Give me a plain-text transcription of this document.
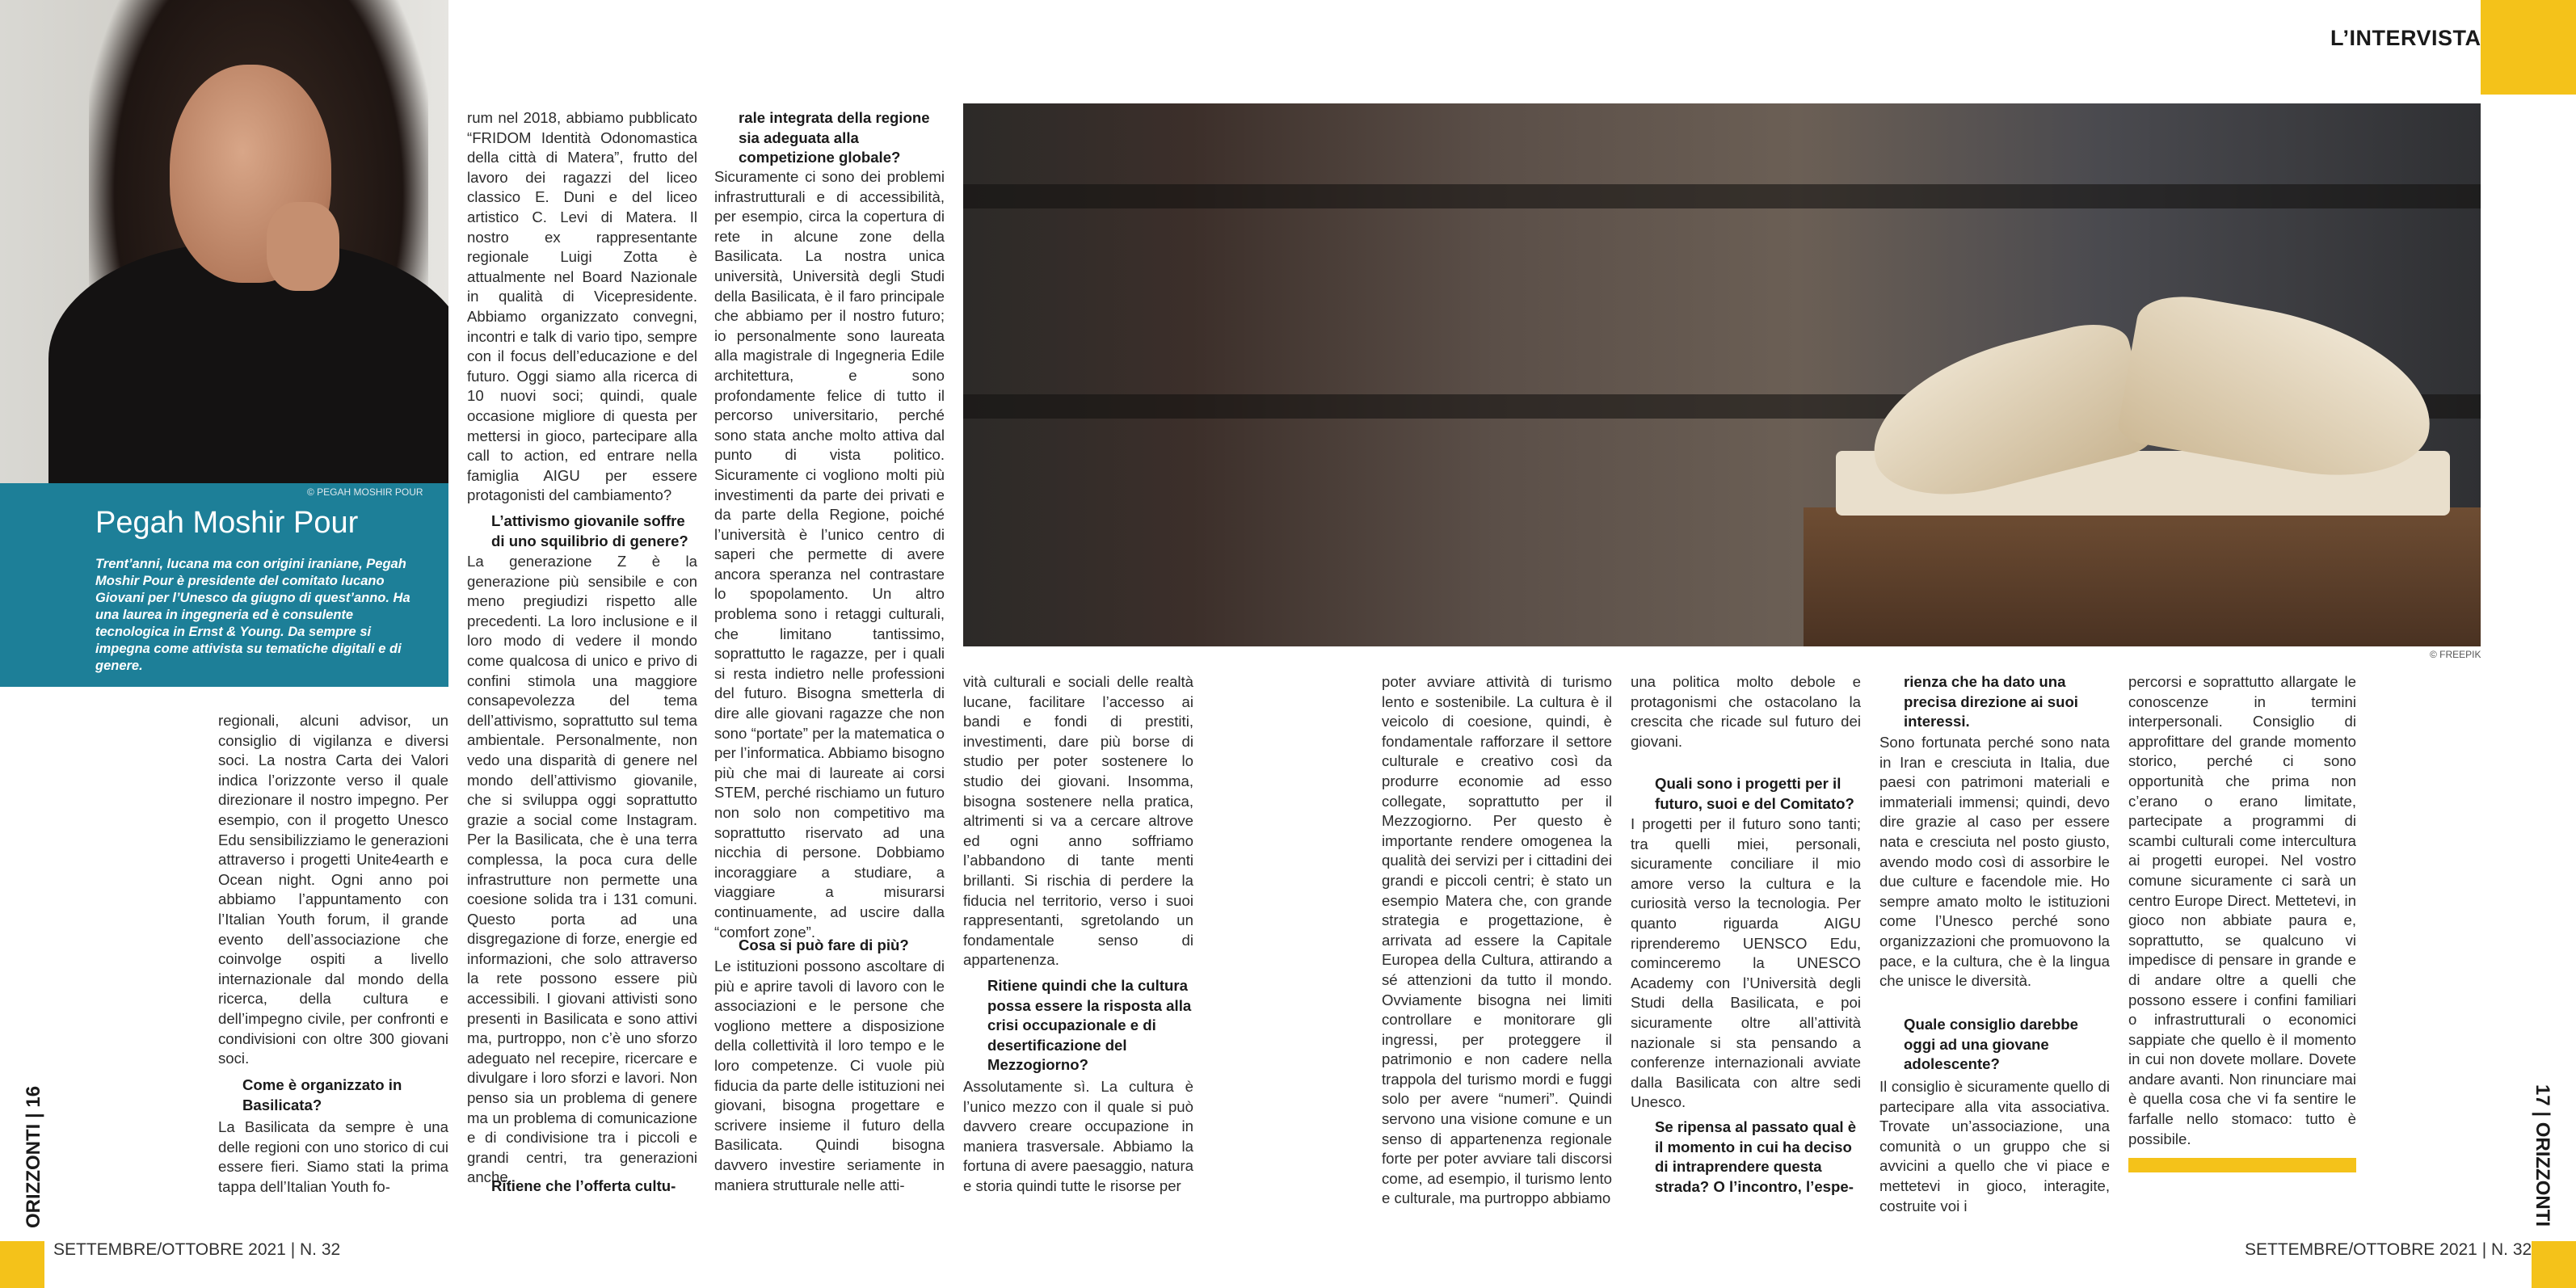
L’INTERVISTA
© PEGAH MOSHIR POUR
Pegah Moshir Pour
Trent’anni, lucana ma con origini iraniane, Pegah Moshir Pour è presidente del comitato lucano Giovani per l’Unesco da giugno di quest’anno. Ha una laurea in ingegneria ed è consulente tecnologica in Ernst & Young. Da sempre si impegna come attivista su tematiche digitali e di genere.
© FREEPIK
regionali, alcuni advisor, un consiglio di vigilanza e diversi soci. La nostra Carta dei Valori indica l’orizzonte verso il quale direzionare il nostro impegno. Per esempio, con il progetto Unesco Edu sensibilizziamo le generazioni attraverso i progetti Unite4earth e Ocean night. Ogni anno poi abbiamo l’appuntamento con l’Italian Youth forum, il grande evento dell’associazione che coinvolge ospiti a livello internazionale dal mondo della ricerca, della cultura e dell’impegno civile, per confronti e condivisioni con oltre 300 giovani soci.
Come è organizzato in Basilicata?
La Basilicata da sempre è una delle regioni con uno storico di cui essere fieri. Siamo stati la prima tappa dell’Italian Youth fo-
rum nel 2018, abbiamo pubblicato “FRIDOM Identità Odonomastica della città di Matera”, frutto del lavoro dei ragazzi del liceo classico E. Duni e del liceo artistico C. Levi di Matera. Il nostro ex rappresentante regionale Luigi Zotta è attualmente nel Board Nazionale in qualità di Vicepresidente. Abbiamo organizzato convegni, incontri e talk di vario tipo, sempre con il focus dell’educazione e del futuro. Oggi siamo alla ricerca di 10 nuovi soci; quindi, quale occasione migliore di questa per mettersi in gioco, partecipare alla call to action, ed entrare nella famiglia AIGU per essere protagonisti del cambiamento?
L’attivismo giovanile soffre di uno squilibrio di genere?
La generazione Z è la generazione più sensibile e con meno pregiudizi rispetto alle precedenti. La loro inclusione e il loro modo di vedere il mondo come qualcosa di unico e privo di confini stimola una maggiore consapevolezza del tema dell’attivismo, soprattutto sul tema ambientale. Personalmente, non vedo una disparità di genere nel mondo dell’attivismo giovanile, che si sviluppa oggi soprattutto grazie a social come Instagram. Per la Basilicata, che è una terra complessa, la poca cura delle infrastrutture non permette una coesione solida tra i 131 comuni. Questo porta ad una disgregazione di forze, energie ed informazioni, che solo attraverso la rete possono essere più accessibili. I giovani attivisti sono presenti in Basilicata e sono attivi ma, purtroppo, non c’è uno sforzo adeguato nel recepire, ricercare e divulgare i loro sforzi e lavori. Non penso sia un problema di genere ma un problema di comunicazione e di condivisione tra i piccoli e grandi centri, tra generazioni anche.
Ritiene che l’offerta cultu-
rale integrata della regione sia adeguata alla competizione globale?
Sicuramente ci sono dei problemi infrastrutturali e di accessibilità, per esempio, circa la copertura di rete in alcune zone della Basilicata. La nostra unica università, Università degli Studi della Basilicata, è il faro principale che abbiamo per il nostro futuro; io personalmente sono laureata alla magistrale di Ingegneria Edile architettura, e sono profondamente felice di tutto il percorso universitario, perché sono stata anche molto attiva dal punto di vista politico. Sicuramente ci vogliono molti più investimenti da parte dei privati e da parte della Regione, poiché l’università è l’unico centro di saperi che permette di avere ancora speranza nel contrastare lo spopolamento. Un altro problema sono i retaggi culturali, che limitano tantissimo, soprattutto le ragazze, per i quali si resta indietro nelle professioni del futuro. Bisogna smetterla di dire alle giovani ragazze che non sono “portate” per la matematica o per l’informatica. Abbiamo bisogno più che mai di laureate ai corsi STEM, perché rischiamo un futuro non solo non competitivo ma soprattutto riservato ad una nicchia di persone. Dobbiamo incoraggiare a studiare, a viaggiare a misurarsi continuamente, ad uscire dalla “comfort zone”.
Cosa si può fare di più?
Le istituzioni possono ascoltare di più e aprire tavoli di lavoro con le associazioni e le persone che vogliono mettere a disposizione della collettività il loro tempo e le loro competenze. Ci vuole più fiducia da parte delle istituzioni nei giovani, bisogna progettare e scrivere insieme il futuro della Basilicata. Quindi bisogna davvero investire seriamente in maniera strutturale nelle atti-
vità culturali e sociali delle realtà lucane, facilitare l’accesso ai bandi e fondi di prestiti, investimenti, dare più borse di studio per poter sostenere lo studio dei giovani. Insomma, bisogna sostenere nella pratica, altrimenti si va a cercare altrove ed ogni anno soffriamo l’abbandono di tante menti brillanti. Si rischia di perdere la fiducia nel territorio, verso i suoi rappresentanti, sgretolando un fondamentale senso di appartenenza.
Ritiene quindi che la cultura possa essere la risposta alla crisi occupazionale e di desertificazione del Mezzogiorno?
Assolutamente sì. La cultura è l’unico mezzo con il quale si può davvero creare occupazione in maniera trasversale. Abbiamo la fortuna di avere paesaggio, natura e storia quindi tutte le risorse per
poter avviare attività di turismo lento e sostenibile. La cultura è il veicolo di coesione, quindi, è fondamentale rafforzare il settore culturale e creativo così da produrre economie ad esso collegate, soprattutto per il Mezzogiorno. Per questo è importante rendere omogenea la qualità dei servizi per i cittadini dei grandi e piccoli centri; è stato un esempio Matera che, con grande strategia e progettazione, è arrivata ad essere la Capitale Europea della Cultura, attirando a sé attenzioni da tutto il mondo. Ovviamente bisogna nei limiti controllare e monitorare gli ingressi, per proteggere il patrimonio e non cadere nella trappola del turismo mordi e fuggi solo per avere “numeri”. Quindi servono una visione comune e un senso di appartenenza regionale forte per poter avviare tali discorsi come, ad esempio, il turismo lento e culturale, ma purtroppo abbiamo
una politica molto debole e protagonismi che ostacolano la crescita che ricade sul futuro dei giovani.
Quali sono i progetti per il futuro, suoi e del Comitato?
I progetti per il futuro sono tanti; tra quelli miei, personali, sicuramente conciliare il mio amore verso la cultura e la curiosità verso la tecnologia. Per quanto riguarda AIGU riprenderemo UENSCO Edu, cominceremo la UNESCO Academy con l’Università degli Studi della Basilicata, e poi sicuramente oltre all’attività nazionale si sta pensando a conferenze internazionali avviate dalla Basilicata con altre sedi Unesco.
Se ripensa al passato qual è il momento in cui ha deciso di intraprendere questa strada? O l’incontro, l’espe-
rienza che ha dato una precisa direzione ai suoi interessi.
Sono fortunata perché sono nata in Iran e cresciuta in Italia, due paesi con patrimoni materiali e immateriali immensi; quindi, devo dire grazie al caso per essere nata e cresciuta nel posto giusto, avendo modo così di assorbire le due culture e facendole mie. Ho sempre amato molto le istituzioni come l’Unesco perché sono organizzazioni che promuovono la pace, e la cultura, che è la lingua che unisce le diversità.
Quale consiglio darebbe oggi ad una giovane adolescente?
Il consiglio è sicuramente quello di partecipare alla vita associativa. Trovate un’associazione, una comunità o un gruppo che si avvicini a quello che vi piace e mettetevi in gioco, interagite, costruite voi i
percorsi e soprattutto allargate le conoscenze in termini interpersonali. Consiglio di approfittare del grande momento storico, perché ci sono opportunità che prima non c’erano o erano limitate, partecipate a programmi di scambi culturali come intercultura ai progetti europei. Nel vostro comune sicuramente ci sarà un centro Europe Direct. Mettetevi, in gioco non abbiate paura e, soprattutto, se qualcuno vi impedisce di pensare in grande e di andare oltre a quelli che possono essere i confini familiari o infrastrutturali o economici sappiate che quello è il momento in cui non dovete mollare. Dovete andare avanti. Non rinunciare mai è quella cosa che vi fa sentire le farfalle nello stomaco: tutto è possibile.
SETTEMBRE/OTTOBRE 2021 | N. 32	SETTEMBRE/OTTOBRE 2021 | N. 32
ORIZZONTI | 16	17 | ORIZZONTI
